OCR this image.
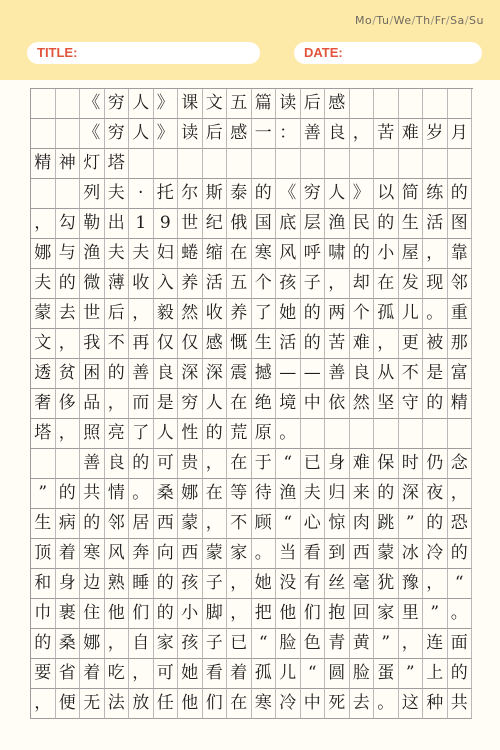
Mo/Tu/We/Th/Fr/Sa/Su
TITLE:	DATE:
《 穷 人 》 课 文 五 篇 读 后 感
《 穷 人 》 读 后 感 一 ： 善 良 ， 苦 难 岁 月
精 神 灯 塔
列 夫 · 托 尔 斯 泰 的 《 穷 人 》 以 简 练 的
， 勾 勒 出 1 9 世 纪 俄 国 底 层 渔 民 的 生 活 图
娜 与 渔 夫 夫 妇 蜷 缩 在 寒 风 呼 啸 的 小 屋 ， 靠
夫 的 微 薄 收 入 养 活 五 个 孩 子 ， 却 在 发 现 邻
蒙 去 世 后 ， 毅 然 收 养 了 她 的 两 个 孤 儿 。 重
文 ， 我 不 再 仅 仅 感 慨 生 活 的 苦 难 ， 更 被 那
透 贫 困 的 善 良 深 深 震 撼 — — 善 良 从 不 是 富
奢 侈 品 ， 而 是 穷 人 在 绝 境 中 依 然 坚 守 的 精
塔 ， 照 亮 了 人 性 的 荒 原 。
善 良 的 可 贵 ， 在 于 “ 已 身 难 保 时 仍 念
” 的 共 情 。 桑 娜 在 等 待 渔 夫 归 来 的 深 夜 ，
生 病 的 邻 居 西 蒙 ， 不 顾 “ 心 惊 肉 跳 ” 的 恐
顶 着 寒 风 奔 向 西 蒙 家 。 当 看 到 西 蒙 冰 冷 的
和 身 边 熟 睡 的 孩 子 ， 她 没 有 丝 毫 犹 豫 ， “
巾 裹 住 他 们 的 小 脚 ， 把 他 们 抱 回 家 里 ” 。
的 桑 娜 ， 自 家 孩 子 已 “ 脸 色 青 黄 ” ， 连 面
要 省 着 吃 ， 可 她 看 着 孤 儿 “ 圆 脸 蛋 ” 上 的
， 便 无 法 放 任 他 们 在 寒 冷 中 死 去 。 这 种 共
